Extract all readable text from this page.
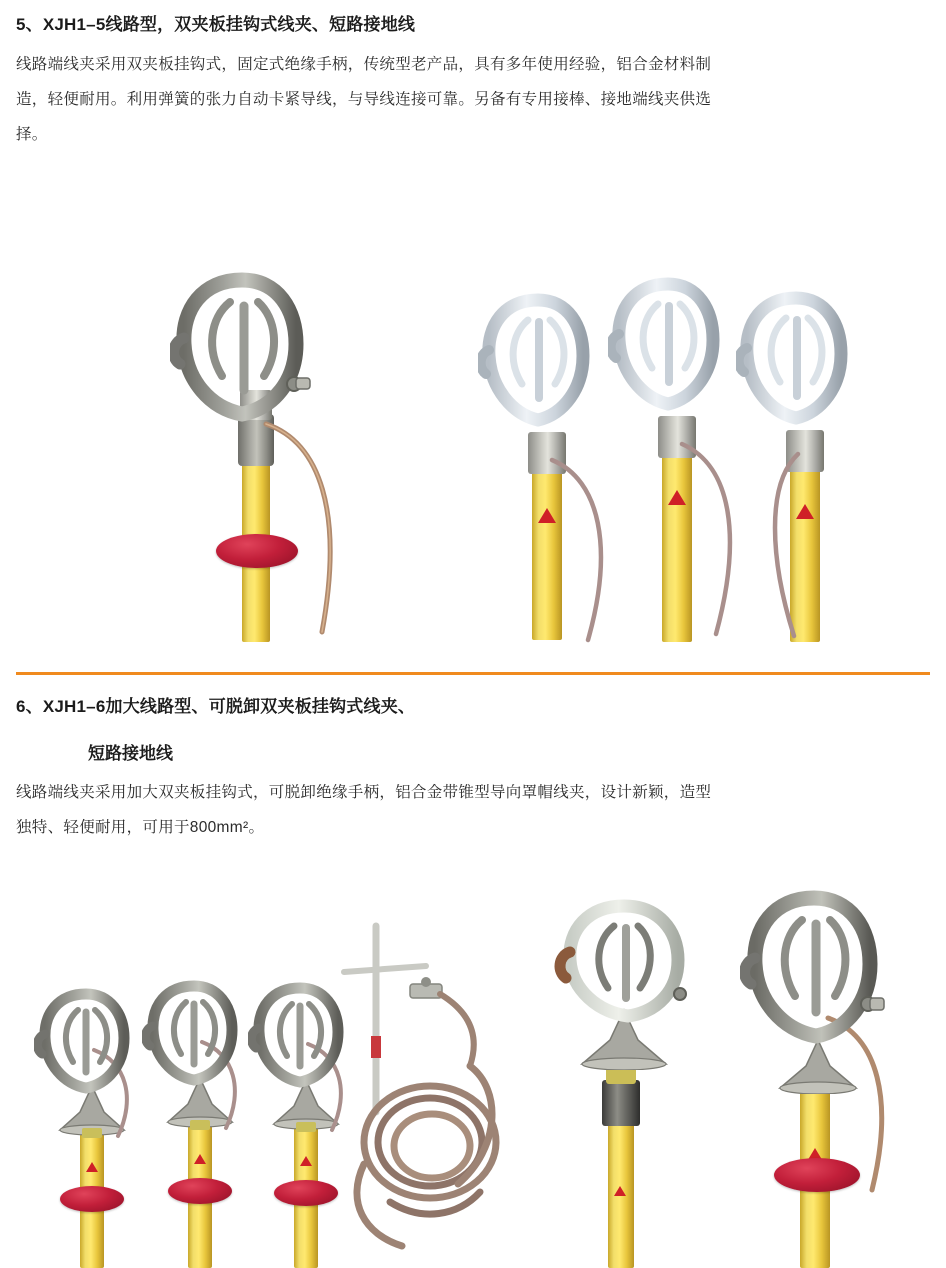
5、XJH1–5线路型，双夹板挂钩式线夹、短路接地线
线路端线夹采用双夹板挂钩式，固定式绝缘手柄，传统型老产品，具有多年使用经验，铝合金材料制造，轻便耐用。利用弹簧的张力自动卡紧导线，与导线连接可靠。另备有专用接棒、接地端线夹供选择。
6、XJH1–6加大线路型、可脱卸双夹板挂钩式线夹、
短路接地线
线路端线夹采用加大双夹板挂钩式，可脱卸绝缘手柄，铝合金带锥型导向罩帽线夹，设计新颖，造型独特、轻便耐用，可用于800mm²。
